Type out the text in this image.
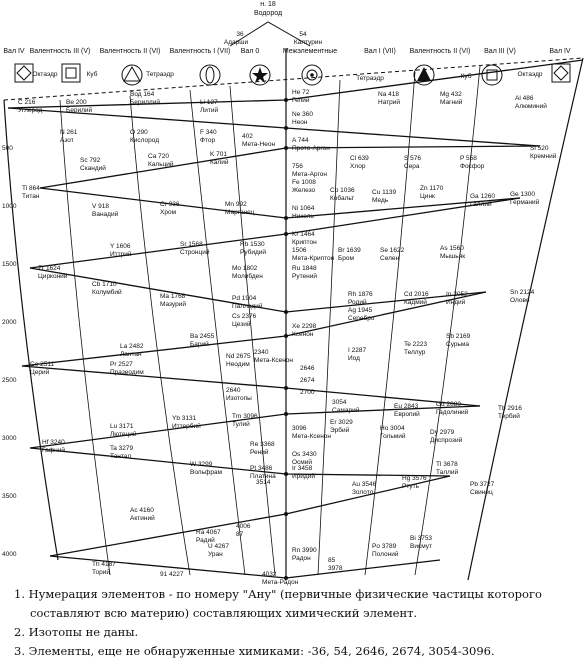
н. 18
Водород
36
Адарши
54
Калтурин
Вал IV Валентность III (V) Валентность II (VI) Валентность I (VII) Вал 0	Межэлементные	Вал I (VII) Валентность II (VI) Вал III (V)	Вал IV
Октаэдр	Куб	Тетраэдр
Тетраэдр	Куб	Октаэдр
С 216
Углерод
Ве 200
Берилий
Вод 164
Бериллий	Li 127
Литий
He 72
Гелий
Ne 360
Неон
Na 418
Натрий
Mg 432
Магний
Al 486
Алюминий
N 261
Азот
O 290
Кислород
F 340
Фтор
402
Мета-Неон
Si 520
Кремний
Sc 792
Скандий
Ca 720
Кальций
K 701
Калий
A 744
Прото-Аргон
Cl 639
Хлор
S 576
Сера
P 558
Фосфор
Ti 864
Титан
756
Мета-Аргон
Fe 1008
Железо Co 1036
Кобальт
Cu 1139
Медь
Zn 1170
Цинк	Ga 1260
Галлий
V 918
Ванадий
Cr 936
Хром
Mn 992
Марганец
Ni 1064
Никель
Ge 1300
Германий
Kr 1464
Криптон
Y 1606
Иттрий
Sr 1568
Стронций
Rb 1530
Рубидий	1506
Мета-Криптон
Br 1639
Бром
Se 1622
Селен
As 1560
Мышьяк
Zr 1624
Цирконий
Mo 1802
Молибден
Ru 1848
Рутений
Rh 1876
Родий
Pd 1904
Палладий
Cb 1710
Колумбий
Ma 1768
Мазурий
Ag 1945
Серебро
Cd 2016
Кадмий
In 2052
Индий
Sn 2124
Олово
Xe 2298
Ксенон
Cs 2376
Цезий
Ba 2455
Барий
La 2482
Лантан	Nd 2675
Неодим
2340
Мета-Ксенон
I 2287
Иод
Te 2223
Теллур
Sb 2169
Сурьма
Ce 2511
Церий
Pr 2527
Празеодим
2646
2674
2640
Изотопы
2700
3054
Самарий
Eu 2843
Европий
Gd 2880
Гадолиний
Tb 2916
Тербий
Lu 3171
Лютеций
Yb 3131
Иттербий
Tm 3096
Тулий
3096
Мета-Ксенон
Er 3029
Эрбий	Ho 3004
Гольмий
Dy 2979
Диспрозий
Hf 3240
Гафний	Ta 3279
Тантал
W 3299
Вольфрам
Re 3368
Рений	Os 3430
Осмий
Ir 3458
Иридий
Pt 3486
Платина
3514	Au 3546
Золото
Hg 3576
Ртуть
Tl 3678
Таллий
Pb 3727
Свинец
Ac 4160
Актиний
Ra 4067
Радий
4006
87
Rn 3990
Радон	85
3978
Po 3789
Полоний
Bi 3753
Висмут
Th 4187
Торий	91 4227
U 4267
Уран
4032
Мета-Радон
500
1000
1500
2000
2500
3000
3500
4000
1. Нумерация элементов - по номеру "Ану" (первичные физические частицы которого
составляют всю материю) составляющих химический элемент.
2. Изотопы не даны.
3. Элементы, еще не обнаруженные химиками: -36, 54, 2646, 2674, 3054-3096.
